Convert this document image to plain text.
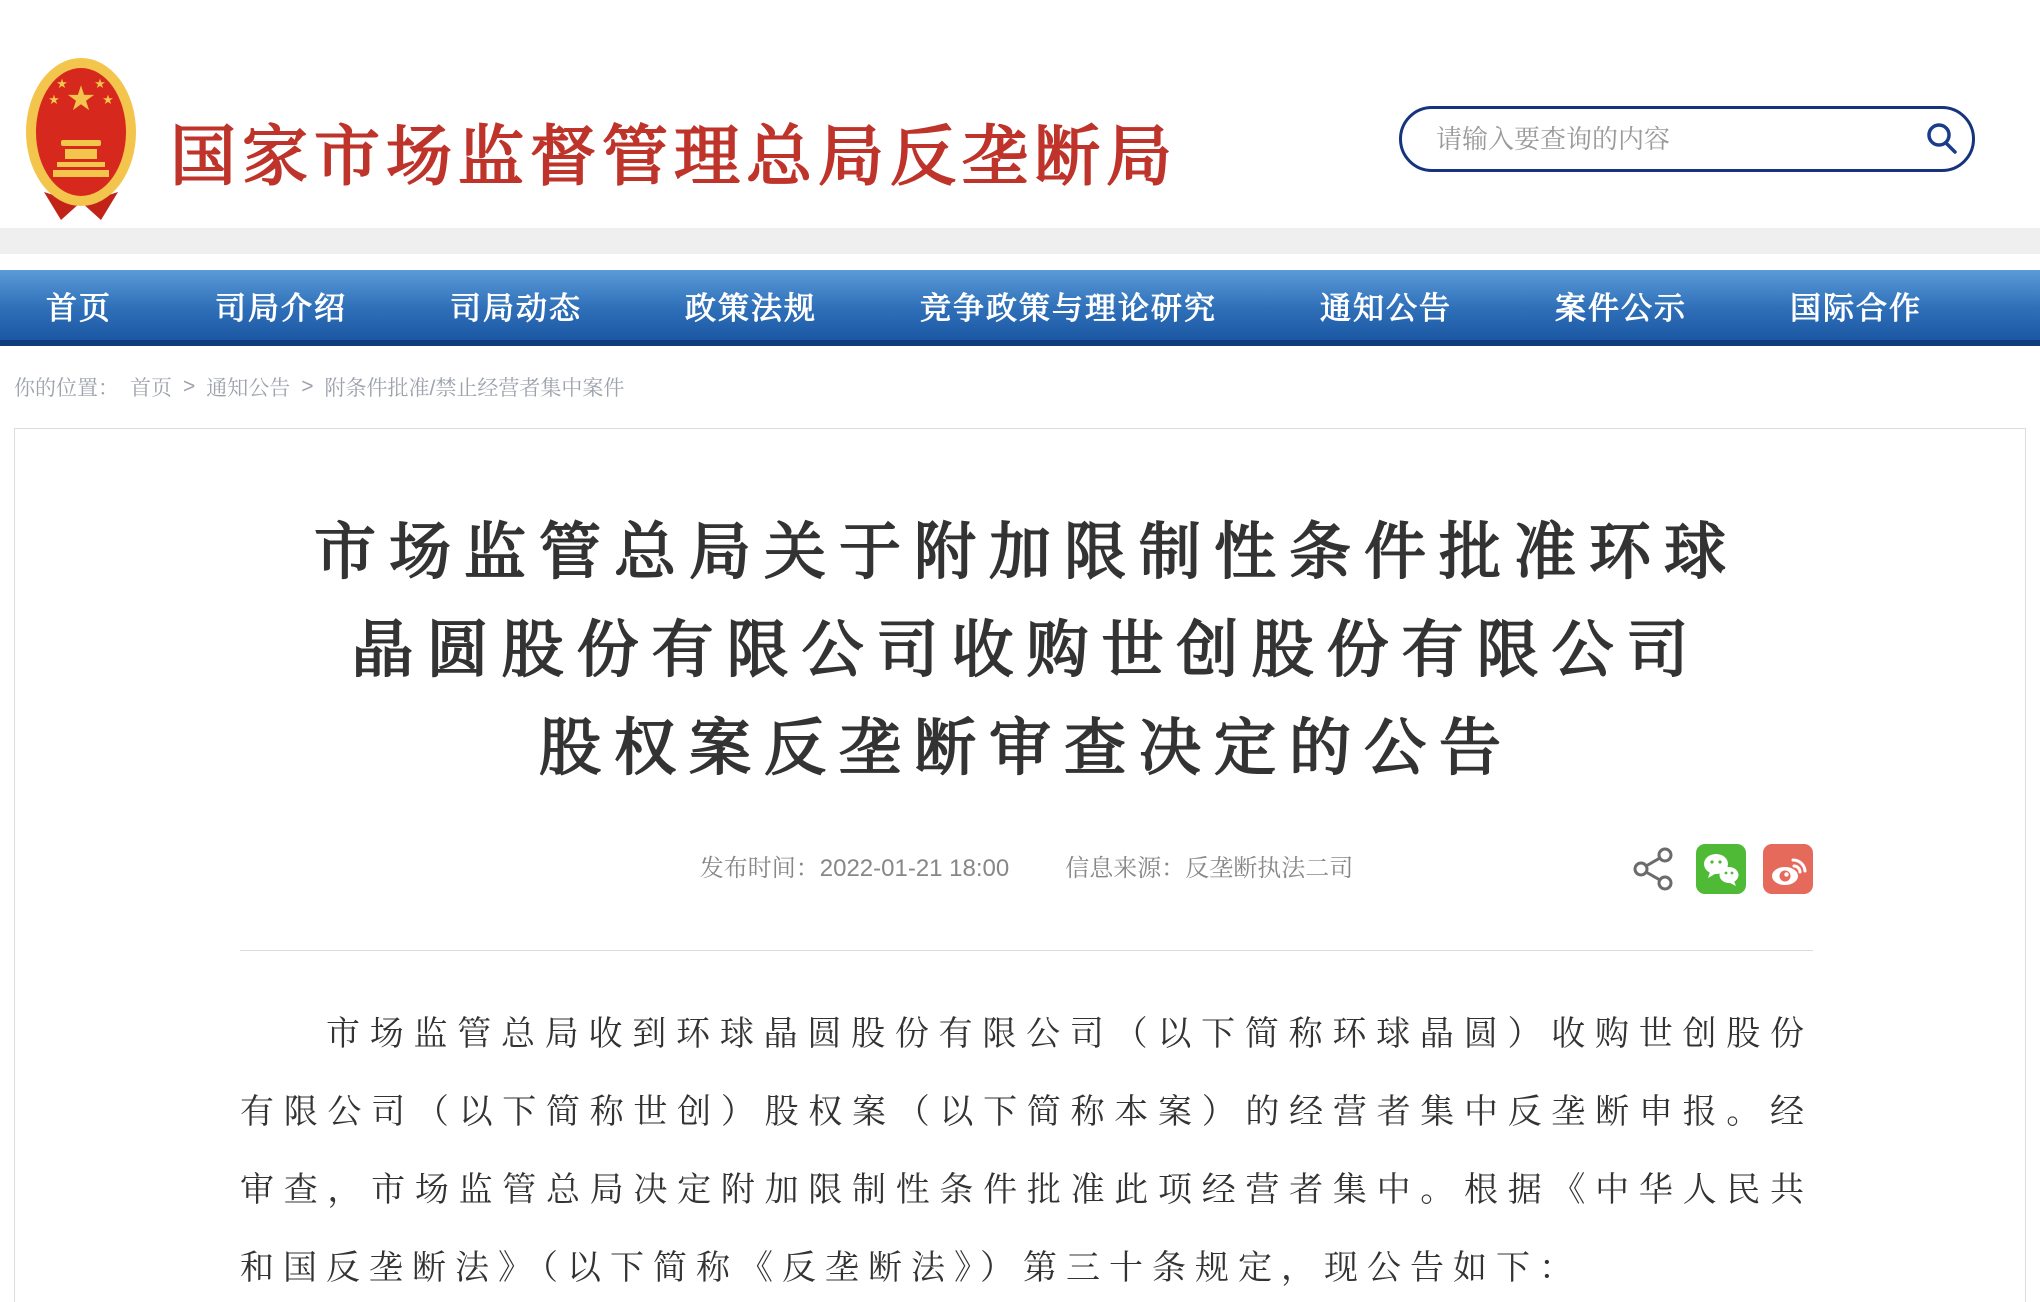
★
★	★
★ ★
国家市场监督管理总局反垄断局
请输入要查询的内容
首页	司局介绍	司局动态	政策法规	竞争政策与理论研究	通知公告	案件公示	国际合作
你的位置： 首页 > 通知公告 > 附条件批准/禁止经营者集中案件
市场监管总局关于附加限制性条件批准环球
晶圆股份有限公司收购世创股份有限公司
股权案反垄断审查决定的公告
发布时间：2022-01-21 18:00 信息来源：反垄断执法二司

市场监管总局收到环球晶圆股份有限公司（以下简称环球晶圆）收购世创股份有限公司（以下简称世创）股权案（以下简称本案）的经营者集中反垄断申报。经审查，市场监管总局决定附加限制性条件批准此项经营者集中。根据《中华人民共和国反垄断法》（以下简称《反垄断法》）第三十条规定，现公告如下：
